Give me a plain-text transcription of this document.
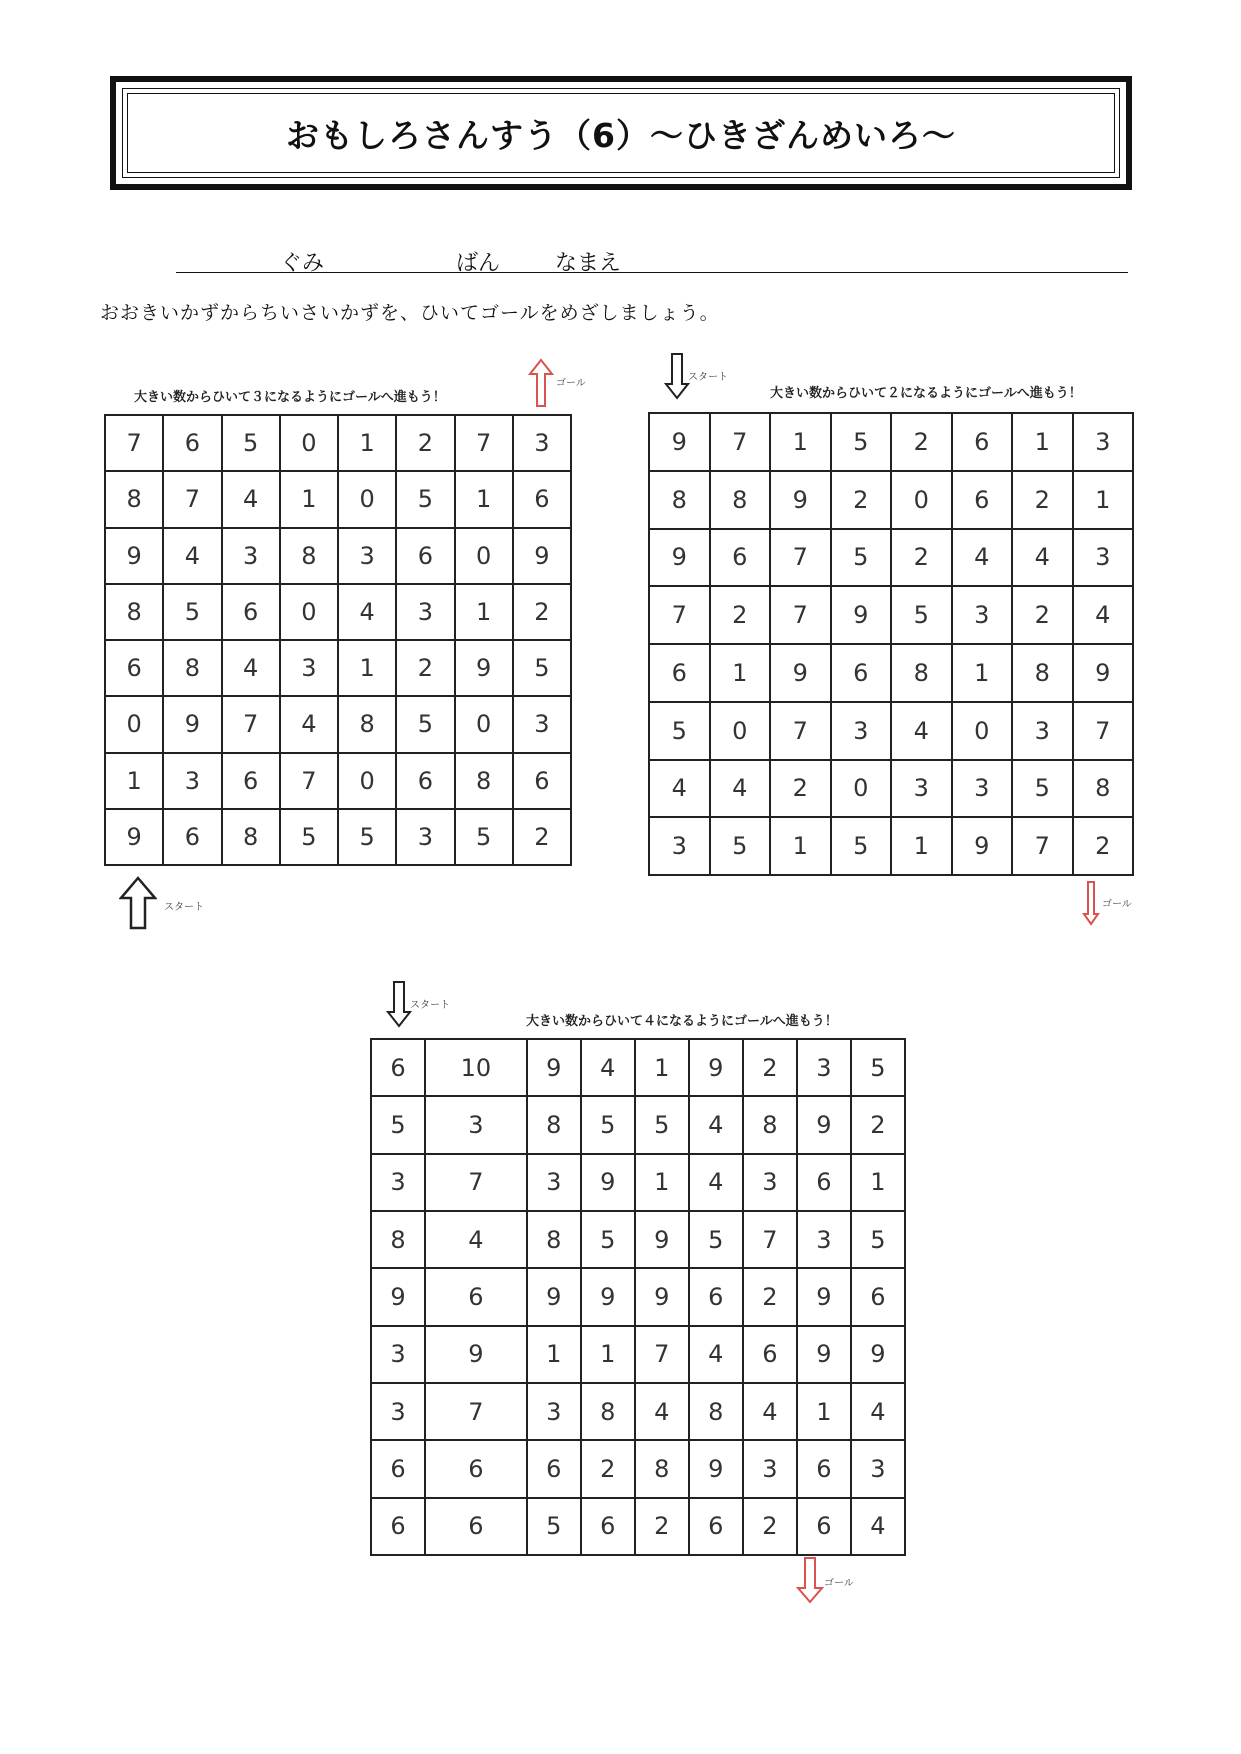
おもしろさんすう（6）〜ひきざんめいろ〜
ぐみ	ばん なまえ
おおきいかずからちいさいかずを、ひいてゴールをめざしましょう。
大きい数からひいて３になるようにゴールへ進もう！
ゴール
7	6	5	0	1	2	7	3
8	7	4	1	0	5	1	6
9	4	3	8	3	6	0	9
8	5	6	0	4	3	1	2
6	8	4	3	1	2	9	5
0	9	7	4	8	5	0	3
1	3	6	7	0	6	8	6
9	6	8	5	5	3	5	2
スタート
スタート
大きい数からひいて２になるようにゴールへ進もう！
9	7	1	5	2	6	1	3
8	8	9	2	0	6	2	1
9	6	7	5	2	4	4	3
7	2	7	9	5	3	2	4
6	1	9	6	8	1	8	9
5	0	7	3	4	0	3	7
4	4	2	0	3	3	5	8
3	5	1	5	1	9	7	2
ゴール
スタート
大きい数からひいて４になるようにゴールへ進もう！
6	10	9	4	1	9	2	3	5
5	3	8	5	5	4	8	9	2
3	7	3	9	1	4	3	6	1
8	4	8	5	9	5	7	3	5
9	6	9	9	9	6	2	9	6
3	9	1	1	7	4	6	9	9
3	7	3	8	4	8	4	1	4
6	6	6	2	8	9	3	6	3
6	6	5	6	2	6	2	6	4
ゴール
